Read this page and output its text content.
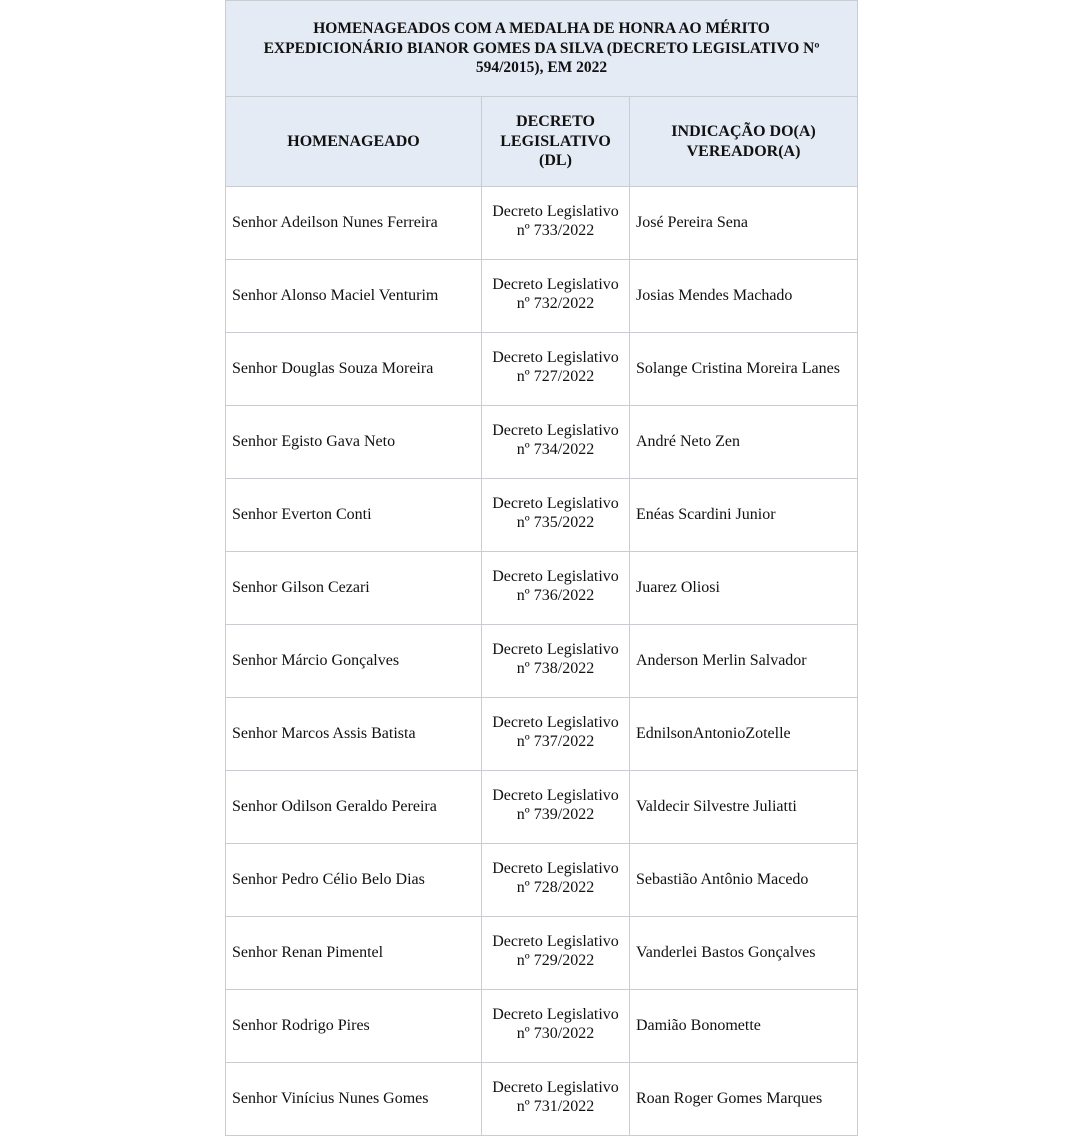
HOMENAGEADOS COM A MEDALHA DE HONRA AO MÉRITO EXPEDICIONÁRIO BIANOR GOMES DA SILVA (DECRETO LEGISLATIVO Nº 594/2015), EM 2022		

HOMENAGEADO	DECRETO LEGISLATIVO (DL)	INDICAÇÃO DO(A) VEREADOR(A)

Senhor Adeilson Nunes Ferreira	Decreto Legislativo nº 733/2022	José Pereira Sena
Senhor Alonso Maciel Venturim	Decreto Legislativo nº 732/2022	Josias Mendes Machado
Senhor Douglas Souza Moreira	Decreto Legislativo nº 727/2022	Solange Cristina Moreira Lanes
Senhor Egisto Gava Neto	Decreto Legislativo nº 734/2022	André Neto Zen
Senhor Everton Conti	Decreto Legislativo nº 735/2022	Enéas Scardini Junior
Senhor Gilson Cezari	Decreto Legislativo nº 736/2022	Juarez Oliosi
Senhor Márcio Gonçalves	Decreto Legislativo nº 738/2022	Anderson Merlin Salvador
Senhor Marcos Assis Batista	Decreto Legislativo nº 737/2022	EdnilsonAntonioZotelle
Senhor Odilson Geraldo Pereira	Decreto Legislativo nº 739/2022	Valdecir Silvestre Juliatti
Senhor Pedro Célio Belo Dias	Decreto Legislativo nº 728/2022	Sebastião Antônio Macedo
Senhor Renan Pimentel	Decreto Legislativo nº 729/2022	Vanderlei Bastos Gonçalves
Senhor Rodrigo Pires	Decreto Legislativo nº 730/2022	Damião Bonomette
Senhor Vinícius Nunes Gomes	Decreto Legislativo nº 731/2022	Roan Roger Gomes Marques
